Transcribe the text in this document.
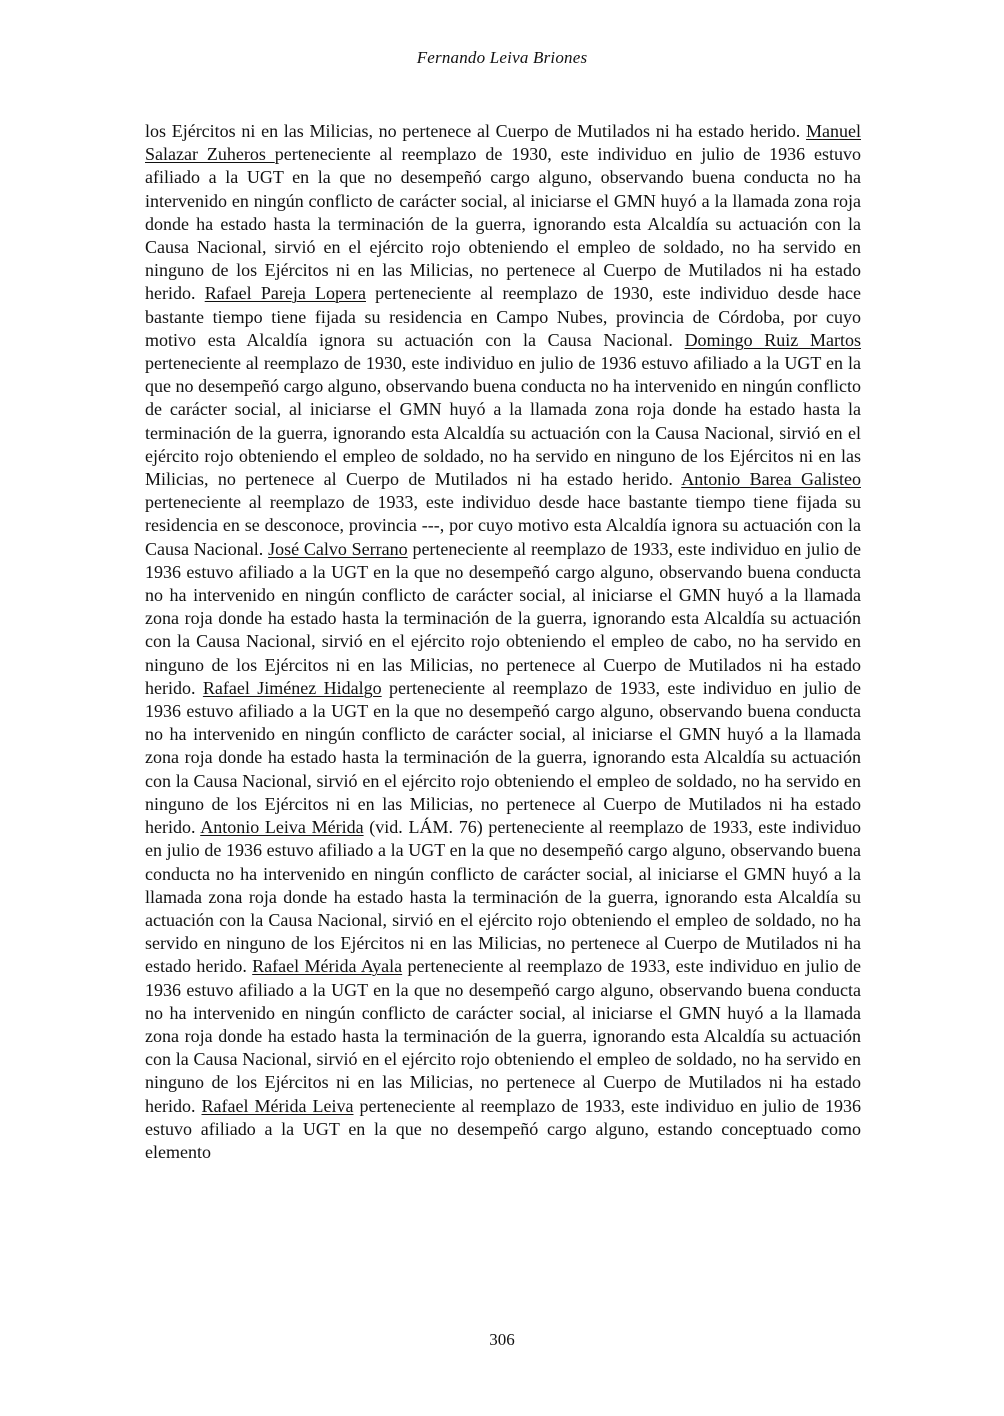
Fernando Leiva Briones

los Ejércitos ni en las Milicias, no pertenece al Cuerpo de Mutilados ni ha estado herido. Manuel Salazar Zuheros perteneciente al reemplazo de 1930, este individuo en julio de 1936 estuvo afiliado a la UGT en la que no desempeñó cargo alguno, observando buena conducta no ha intervenido en ningún conflicto de carácter social, al iniciarse el GMN huyó a la llamada zona roja donde ha estado hasta la terminación de la guerra, ignorando esta Alcaldía su actuación con la Causa Nacional, sirvió en el ejército rojo obteniendo el empleo de soldado, no ha servido en ninguno de los Ejércitos ni en las Milicias, no pertenece al Cuerpo de Mutilados ni ha estado herido. Rafael Pareja Lopera perteneciente al reemplazo de 1930, este individuo desde hace bastante tiempo tiene fijada su residencia en Campo Nubes, provincia de Córdoba, por cuyo motivo esta Alcaldía ignora su actuación con la Causa Nacional. Domingo Ruiz Martos perteneciente al reemplazo de 1930, este individuo en julio de 1936 estuvo afiliado a la UGT en la que no desempeñó cargo alguno, observando buena conducta no ha intervenido en ningún conflicto de carácter social, al iniciarse el GMN huyó a la llamada zona roja donde ha estado hasta la terminación de la guerra, ignorando esta Alcaldía su actuación con la Causa Nacional, sirvió en el ejército rojo obteniendo el empleo de soldado, no ha servido en ninguno de los Ejércitos ni en las Milicias, no pertenece al Cuerpo de Mutilados ni ha estado herido. Antonio Barea Galisteo perteneciente al reemplazo de 1933, este individuo desde hace bastante tiempo tiene fijada su residencia en se desconoce, provincia ---, por cuyo motivo esta Alcaldía ignora su actuación con la Causa Nacional. José Calvo Serrano perteneciente al reemplazo de 1933, este individuo en julio de 1936 estuvo afiliado a la UGT en la que no desempeñó cargo alguno, observando buena conducta no ha intervenido en ningún conflicto de carácter social, al iniciarse el GMN huyó a la llamada zona roja donde ha estado hasta la terminación de la guerra, ignorando esta Alcaldía su actuación con la Causa Nacional, sirvió en el ejército rojo obteniendo el empleo de cabo, no ha servido en ninguno de los Ejércitos ni en las Milicias, no pertenece al Cuerpo de Mutilados ni ha estado herido. Rafael Jiménez Hidalgo perteneciente al reemplazo de 1933, este individuo en julio de 1936 estuvo afiliado a la UGT en la que no desempeñó cargo alguno, observando buena conducta no ha intervenido en ningún conflicto de carácter social, al iniciarse el GMN huyó a la llamada zona roja donde ha estado hasta la terminación de la guerra, ignorando esta Alcaldía su actuación con la Causa Nacional, sirvió en el ejército rojo obteniendo el empleo de soldado, no ha servido en ninguno de los Ejércitos ni en las Milicias, no pertenece al Cuerpo de Mutilados ni ha estado herido. Antonio Leiva Mérida (vid. LÁM. 76) perteneciente al reemplazo de 1933, este individuo en julio de 1936 estuvo afiliado a la UGT en la que no desempeñó cargo alguno, observando buena conducta no ha intervenido en ningún conflicto de carácter social, al iniciarse el GMN huyó a la llamada zona roja donde ha estado hasta la terminación de la guerra, ignorando esta Alcaldía su actuación con la Causa Nacional, sirvió en el ejército rojo obteniendo el empleo de soldado, no ha servido en ninguno de los Ejércitos ni en las Milicias, no pertenece al Cuerpo de Mutilados ni ha estado herido. Rafael Mérida Ayala perteneciente al reemplazo de 1933, este individuo en julio de 1936 estuvo afiliado a la UGT en la que no desempeñó cargo alguno, observando buena conducta no ha intervenido en ningún conflicto de carácter social, al iniciarse el GMN huyó a la llamada zona roja donde ha estado hasta la terminación de la guerra, ignorando esta Alcaldía su actuación con la Causa Nacional, sirvió en el ejército rojo obteniendo el empleo de soldado, no ha servido en ninguno de los Ejércitos ni en las Milicias, no pertenece al Cuerpo de Mutilados ni ha estado herido. Rafael Mérida Leiva perteneciente al reemplazo de 1933, este individuo en julio de 1936 estuvo afiliado a la UGT en la que no desempeñó cargo alguno, estando conceptuado como elemento

306
